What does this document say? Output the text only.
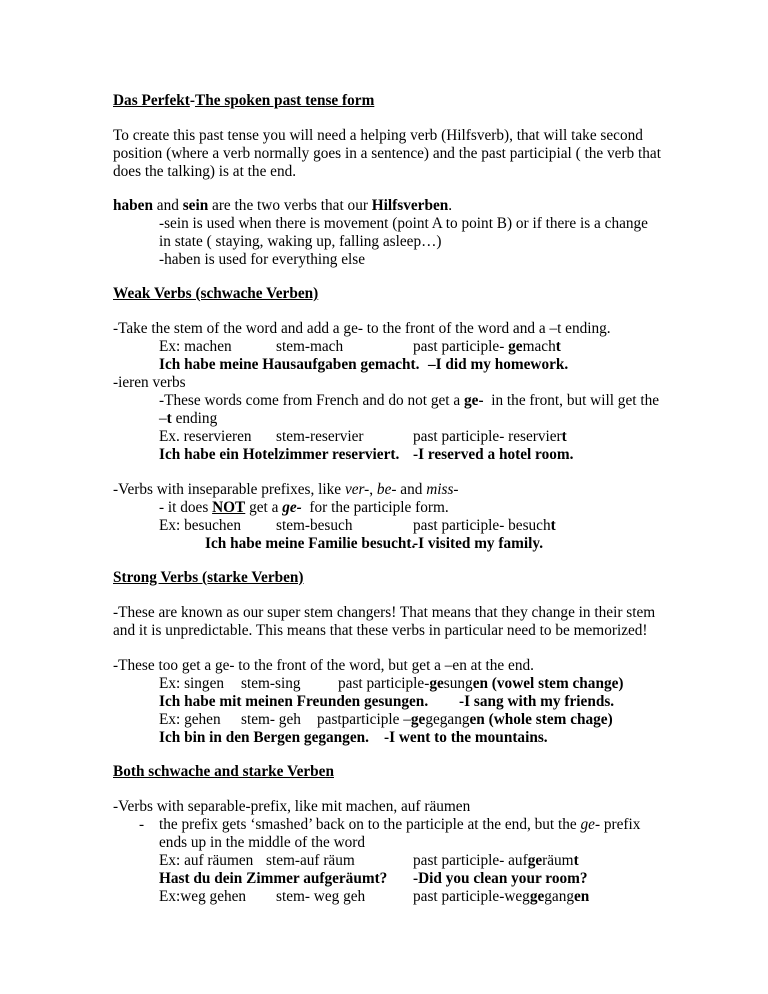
Das Perfekt-The spoken past tense form
To create this past tense you will need a helping verb (Hilfsverb), that will take second
position (where a verb normally goes in a sentence) and the past participial ( the verb that
does the talking) is at the end.
haben and sein are the two verbs that our Hilfsverben.
-sein is used when there is movement (point A to point B) or if there is a change
in state ( staying, waking up, falling asleep…)
-haben is used for everything else
Weak Verbs (schwache Verben)
-Take the stem of the word and add a ge- to the front of the word and a –t ending.
Ex: machen	stem-mach	past participle- gemacht
Ich habe meine Hausaufgaben gemacht. –I did my homework.
-ieren verbs
-These words come from French and do not get a ge-  in the front, but will get the
–t ending
Ex. reservieren stem-reservier	past participle- reserviert
Ich habe ein Hotelzimmer reserviert. -I reserved a hotel room.
-Verbs with inseparable prefixes, like ver-, be- and miss-
- it does NOT get a ge-  for the participle form.
Ex: besuchen stem-besuch	past participle- besucht
Ich habe meine Familie besucht.
-I visited my family.
Strong Verbs (starke Verben)
-These are known as our super stem changers! That means that they change in their stem
and it is unpredictable. This means that these verbs in particular need to be memorized!
-These too get a ge- to the front of the word, but get a –en at the end.
Ex: singen stem-sing past participle-gesungen (vowel stem change)
Ich habe mit meinen Freunden gesungen. -I sang with my friends.
Ex: gehen stem- geh pastparticiple –gegegangen (whole stem chage)
Ich bin in den Bergen gegangen. -I went to the mountains.
Both schwache and starke Verben
-Verbs with separable-prefix, like mit machen, auf räumen
- the prefix gets ‘smashed’ back on to the participle at the end, but the ge- prefix
ends up in the middle of the word
Ex: auf räumen stem-auf räum	past participle- aufgeräumt
Hast du dein Zimmer aufgeräumt? -Did you clean your room?
Ex:weg gehen stem- weg geh	past participle-weggegangen
